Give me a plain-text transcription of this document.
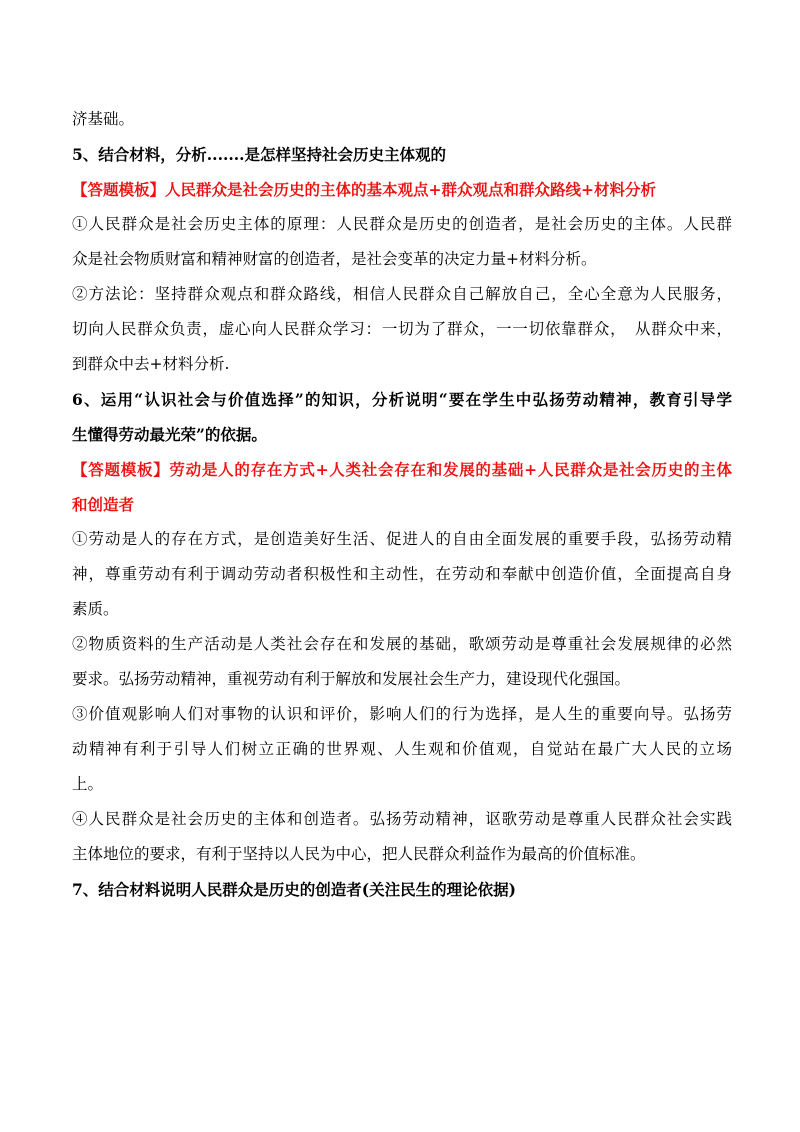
济基础。
5、结合材料，分析.......是怎样坚持社会历史主体观的
【答题模板】人民群众是社会历史的主体的基本观点+群众观点和群众路线+材料分析
①人民群众是社会历史主体的原理：人民群众是历史的创造者，是社会历史的主体。人民群
众是社会物质财富和精神财富的创造者，是社会变革的决定力量+材料分析。
②方法论：坚持群众观点和群众路线，相信人民群众自己解放自己，全心全意为人民服务，
切向人民群众负责，虚心向人民群众学习：一切为了群众，一一切依靠群众，　从群众中来，
到群众中去+材料分析.
6、运用“认识社会与价值选择”的知识，分析说明“要在学生中弘扬劳动精神，教育引导学
生懂得劳动最光荣”的依据。
【答题模板】劳动是人的存在方式+人类社会存在和发展的基础+人民群众是社会历史的主体
和创造者
①劳动是人的存在方式，是创造美好生活、促进人的自由全面发展的重要手段，弘扬劳动精
神，尊重劳动有利于调动劳动者积极性和主动性，在劳动和奉献中创造价值，全面提高自身
素质。
②物质资料的生产活动是人类社会存在和发展的基础，歌颂劳动是尊重社会发展规律的必然
要求。弘扬劳动精神，重视劳动有利于解放和发展社会生产力，建设现代化强国。
③价值观影响人们对事物的认识和评价，影响人们的行为选择，是人生的重要向导。弘扬劳
动精神有利于引导人们树立正确的世界观、人生观和价值观，自觉站在最广大人民的立场
上。
④人民群众是社会历史的主体和创造者。弘扬劳动精神，讴歌劳动是尊重人民群众社会实践
主体地位的要求，有利于坚持以人民为中心，把人民群众利益作为最高的价值标准。
7、结合材料说明人民群众是历史的创造者(关注民生的理论依据)
